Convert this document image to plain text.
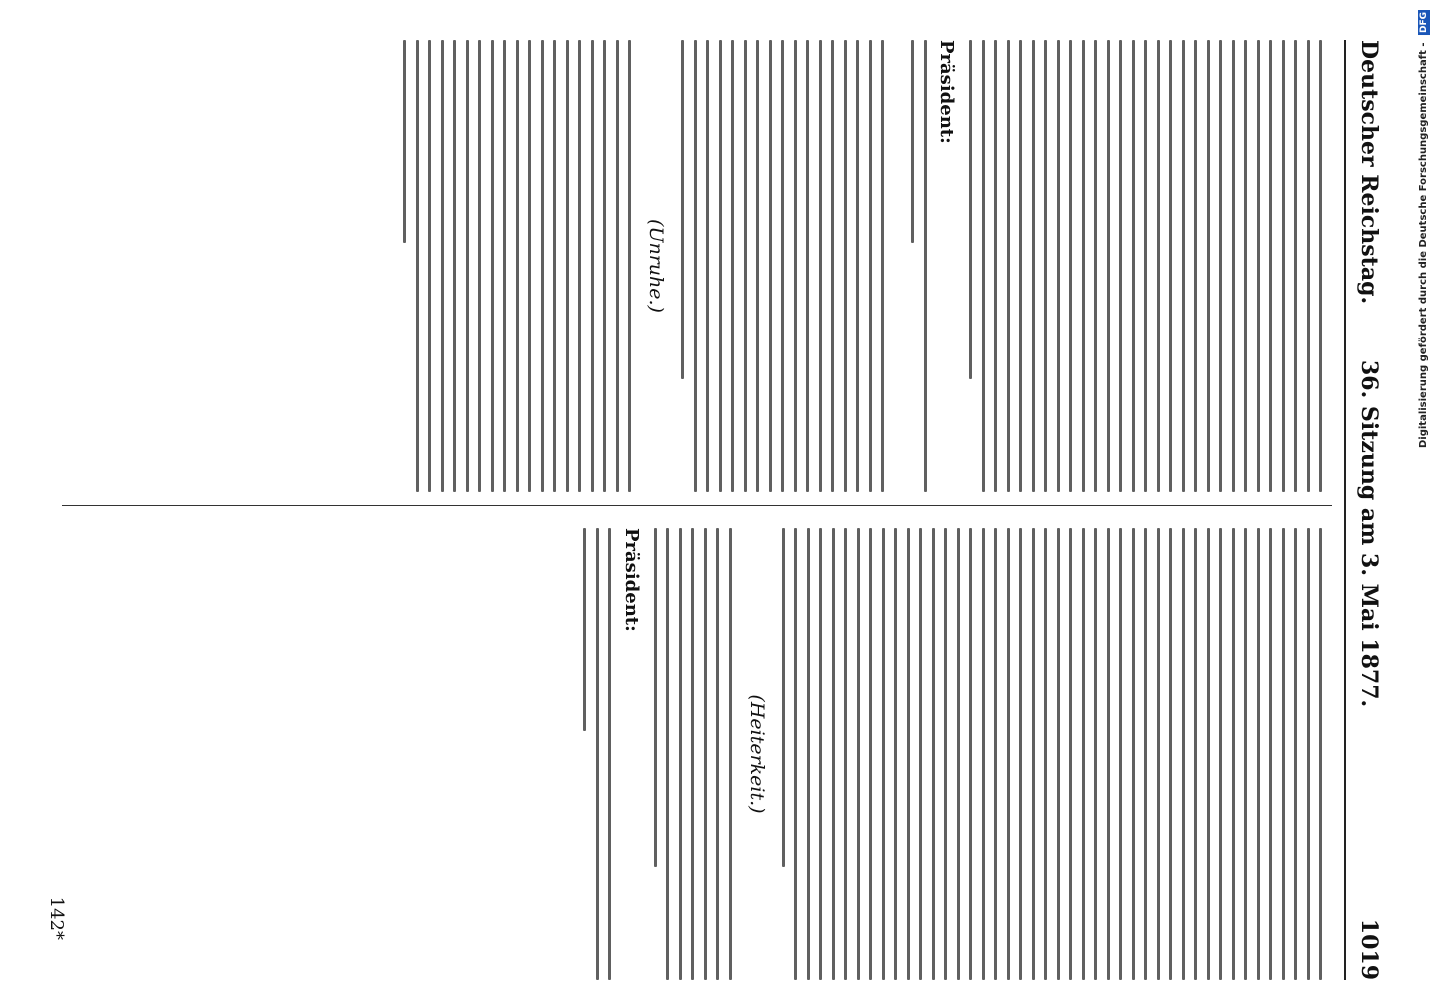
Deutscher Reichstag.
36. Sitzung am 3. Mai 1877.
1019
Präsident:
(Unruhe.)
(Heiterkeit.)
Präsident:
142*
Digitalisierung gefördert durch die Deutsche Forschungsgemeinschaft - DFG
